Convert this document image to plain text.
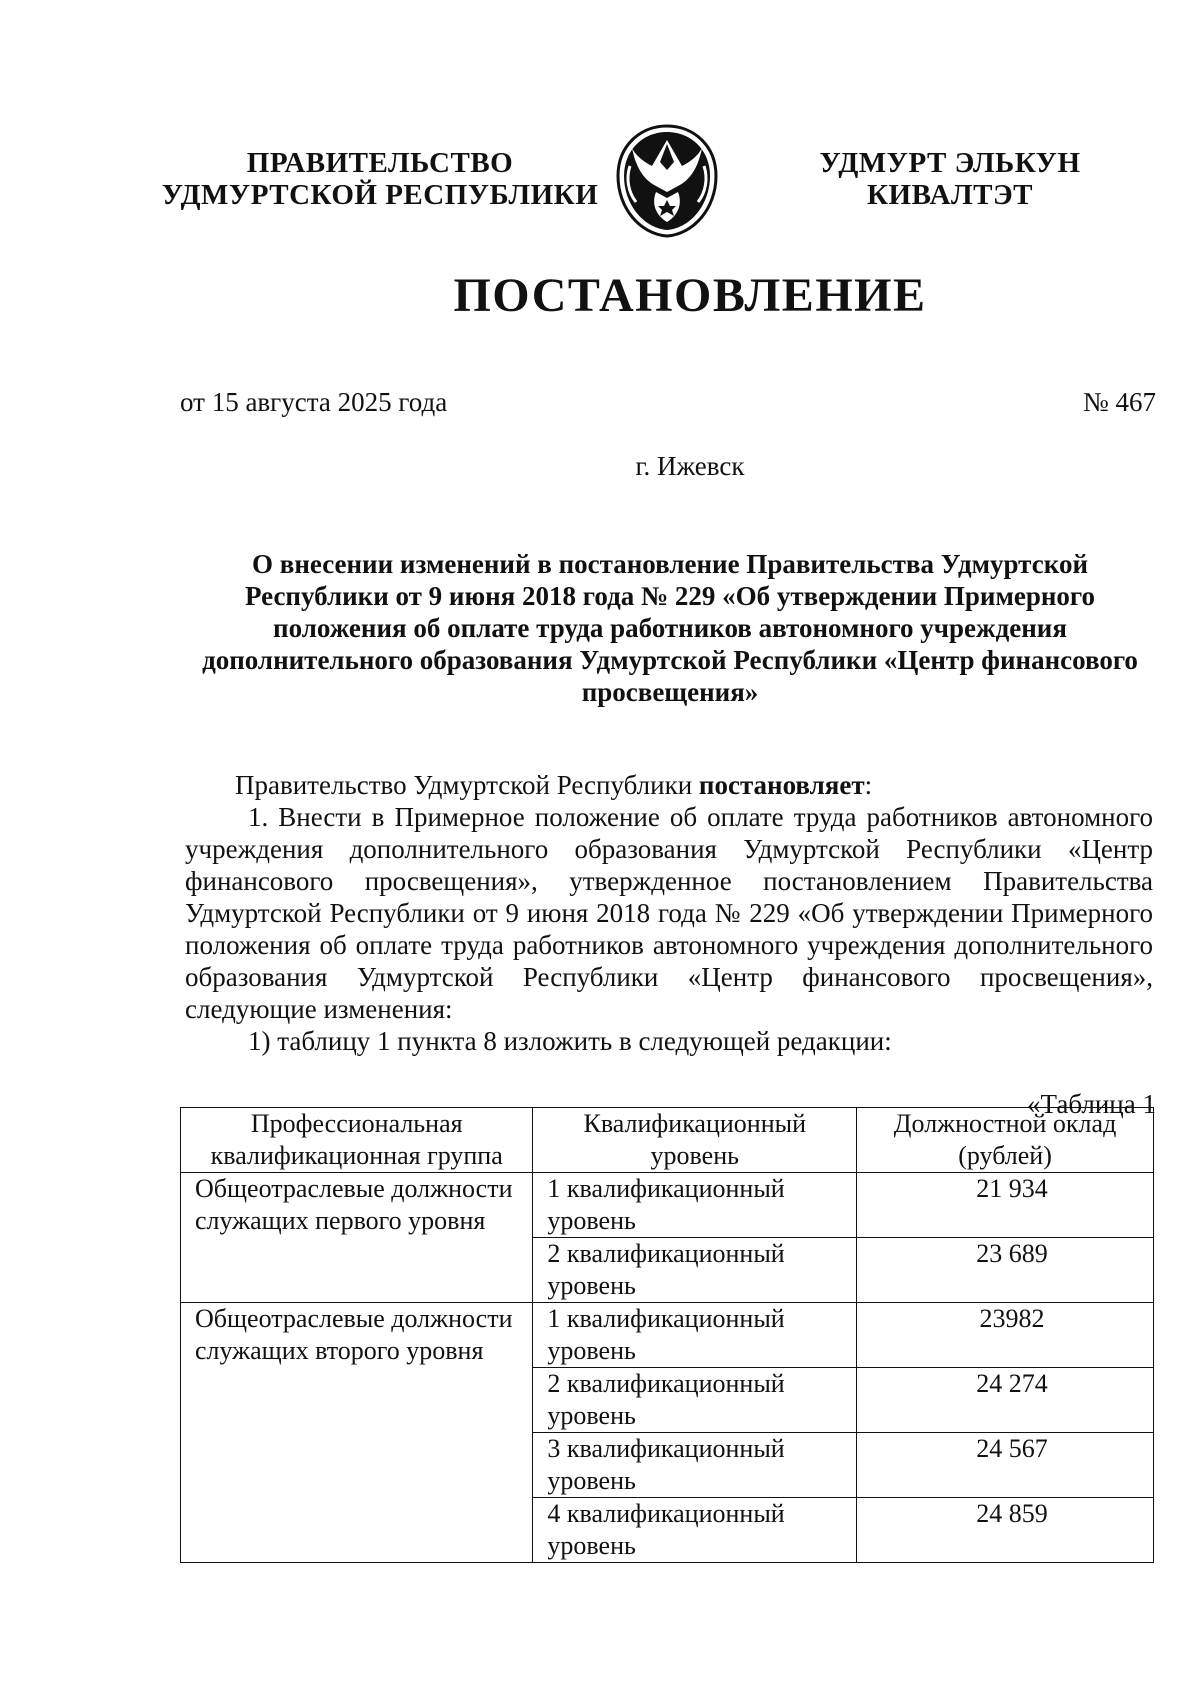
ПРАВИТЕЛЬСТВО
УДМУРТСКОЙ РЕСПУБЛИКИ
УДМУРТ ЭЛЬКУН
КИВАЛТЭТ
ПОСТАНОВЛЕНИЕ
от 15 августа 2025 года	№ 467
г. Ижевск
О внесении изменений в постановление Правительства Удмуртской Республики от 9 июня 2018 года № 229 «Об утверждении Примерного положения об оплате труда работников автономного учреждения дополнительного образования Удмуртской Республики «Центр финансового просвещения»

Правительство Удмуртской Республики постановляет:

1. Внести в Примерное положение об оплате труда работников автономного учреждения дополнительного образования Удмуртской Республики «Центр финансового просвещения», утвержденное постановлением Правительства Удмуртской Республики от 9 июня 2018 года № 229 «Об утверждении Примерного положения об оплате труда работников автономного учреждения дополнительного образования Удмуртской Республики «Центр финансового просвещения», следующие изменения:

1) таблицу 1 пункта 8 изложить в следующей редакции:

«Таблица 1
Профессиональная квалификационная группа	Квалификационный уровень	Должностной оклад (рублей)
Общеотраслевые должности служащих первого уровня	1 квалификационный уровень	21 934
	2 квалификационный уровень	23 689
Общеотраслевые должности служащих второго уровня	1 квалификационный уровень	23982
	2 квалификационный уровень	24 274
	3 квалификационный уровень	24 567
	4 квалификационный уровень	24 859
